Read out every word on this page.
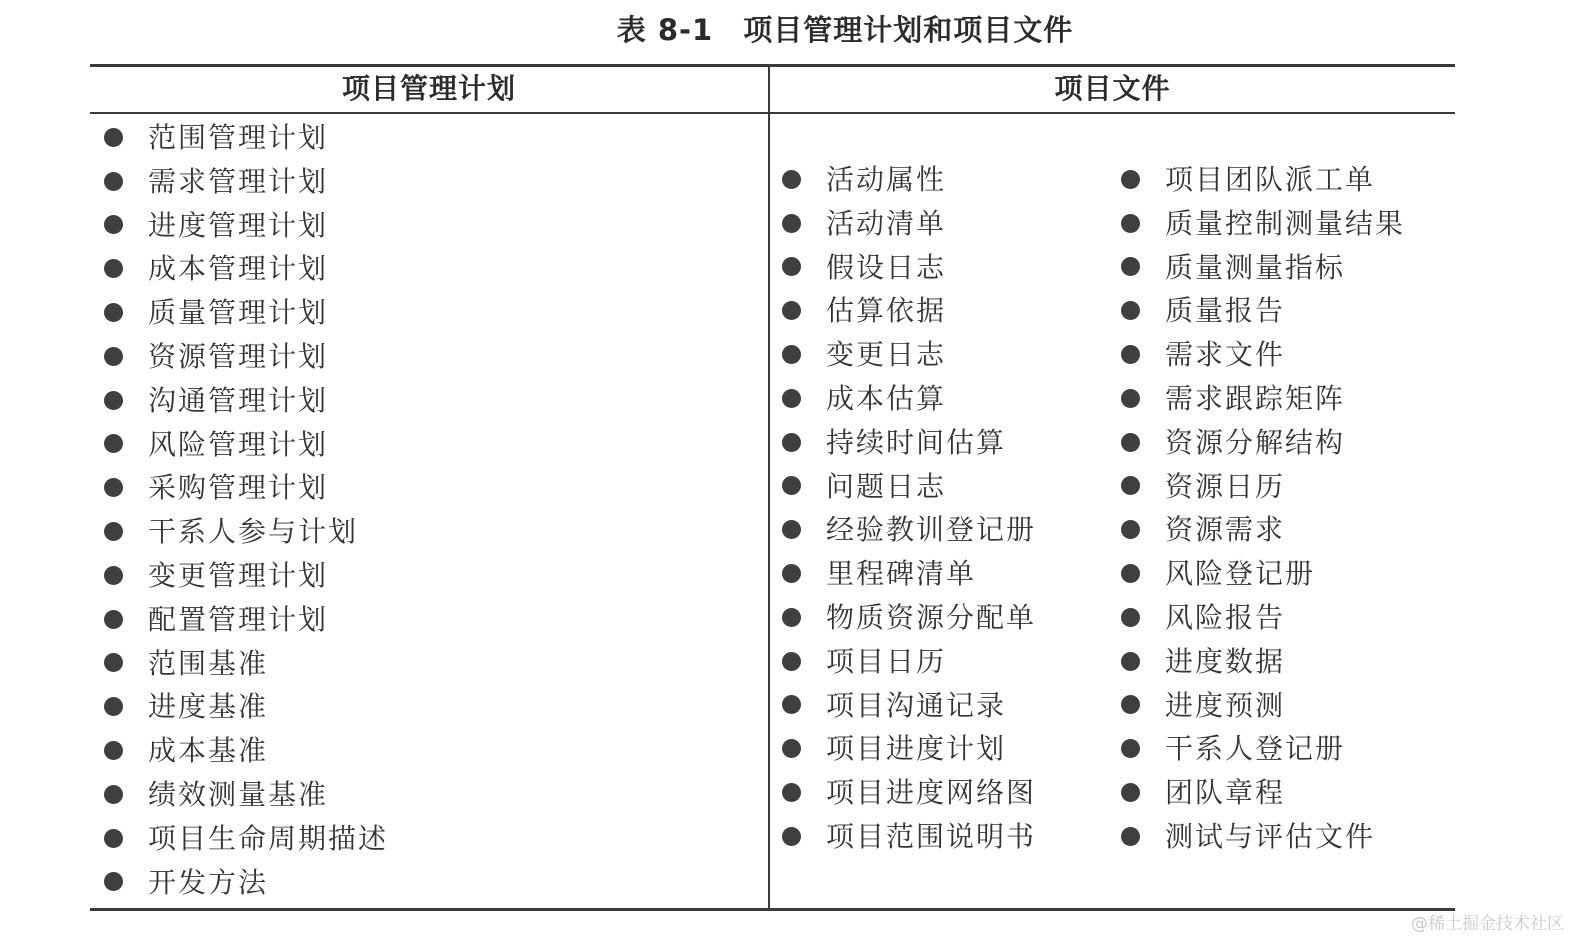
表 8-1 项目管理计划和项目文件
项目管理计划	项目文件
范围管理计划
需求管理计划
进度管理计划
成本管理计划
质量管理计划
资源管理计划
沟通管理计划
风险管理计划
采购管理计划
干系人参与计划
变更管理计划
配置管理计划
范围基准
进度基准
成本基准
绩效测量基准
项目生命周期描述
开发方法
活动属性
活动清单
假设日志
估算依据
变更日志
成本估算
持续时间估算
问题日志
经验教训登记册
里程碑清单
物质资源分配单
项目日历
项目沟通记录
项目进度计划
项目进度网络图
项目范围说明书
项目团队派工单
质量控制测量结果
质量测量指标
质量报告
需求文件
需求跟踪矩阵
资源分解结构
资源日历
资源需求
风险登记册
风险报告
进度数据
进度预测
干系人登记册
团队章程
测试与评估文件
@稀土掘金技术社区
